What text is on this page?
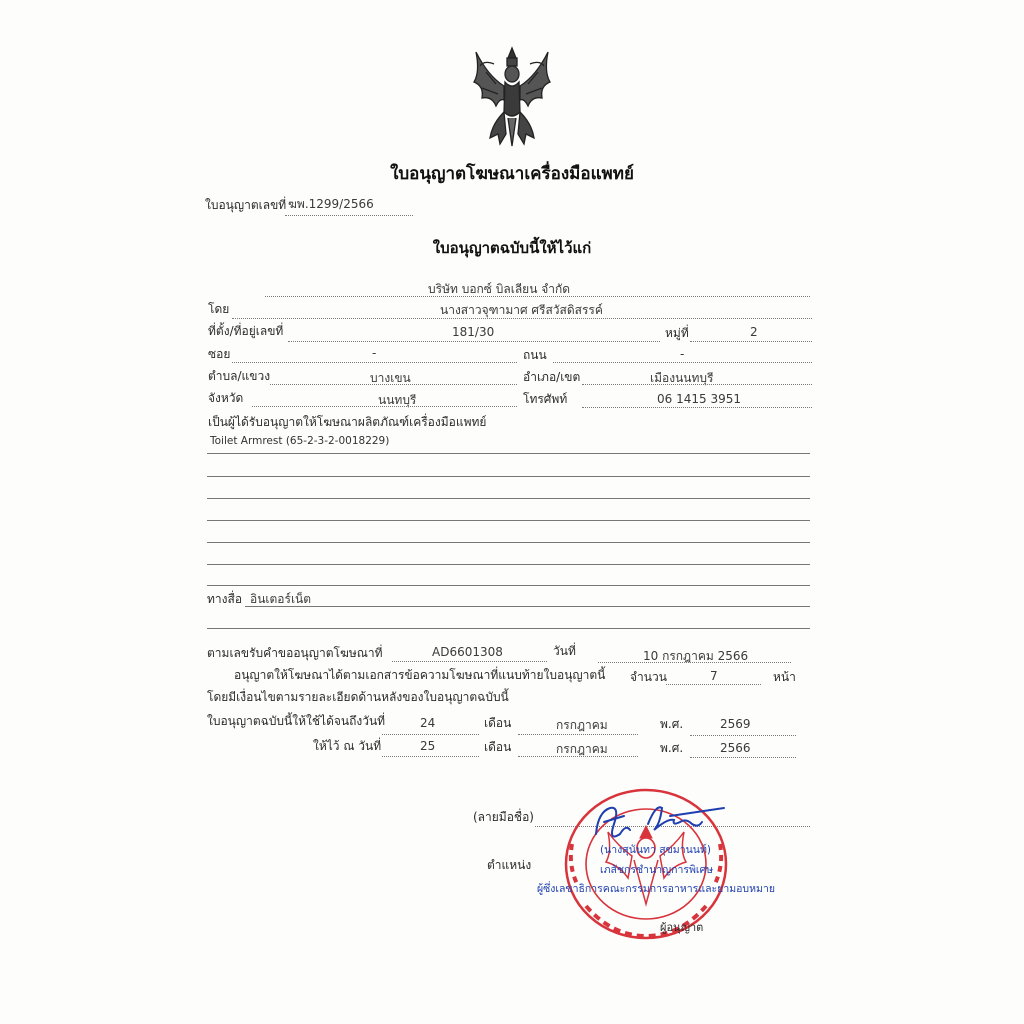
ใบอนุญาตโฆษณาเครื่องมือแพทย์
ใบอนุญาตเลขที่ ฆพ.1299/2566
ใบอนุญาตฉบับนี้ให้ไว้แก่
บริษัท บอกซ์ บิลเลียน จำกัด
โดย	นางสาวจุฑามาศ ศรีสวัสดิสรรค์
ที่ตั้ง/ที่อยู่เลขที่	181/30	หมู่ที่	2
ซอย	-	ถนน	-
ตำบล/แขวง	บางเขน	อำเภอ/เขต	เมืองนนทบุรี
จังหวัด	นนทบุรี	โทรศัพท์	06 1415 3951
เป็นผู้ได้รับอนุญาตให้โฆษณาผลิตภัณฑ์เครื่องมือแพทย์
Toilet Armrest (65-2-3-2-0018229)
ทางสื่อ อินเตอร์เน็ต
ตามเลขรับคำขออนุญาตโฆษณาที่	AD6601308	วันที่	10 กรกฎาคม 2566
อนุญาตให้โฆษณาได้ตามเอกสารข้อความโฆษณาที่แนบท้ายใบอนุญาตนี้ จำนวน	7	หน้า
โดยมีเงื่อนไขตามรายละเอียดด้านหลังของใบอนุญาตฉบับนี้
ใบอนุญาตฉบับนี้ให้ใช้ได้จนถึงวันที่	24	เดือน	กรกฎาคม	พ.ศ.	2569
ให้ไว้ ณ วันที่	25	เดือน	กรกฎาคม	พ.ศ.	2566
(ลายมือชื่อ)
ตำแหน่ง
(นางสุนันทา สุขมานนท์)
เภสัชกรชำนาญการพิเศษ
ผู้ซึ่งเลขาธิการคณะกรรมการอาหารและยามอบหมาย
ผู้อนุญาต
